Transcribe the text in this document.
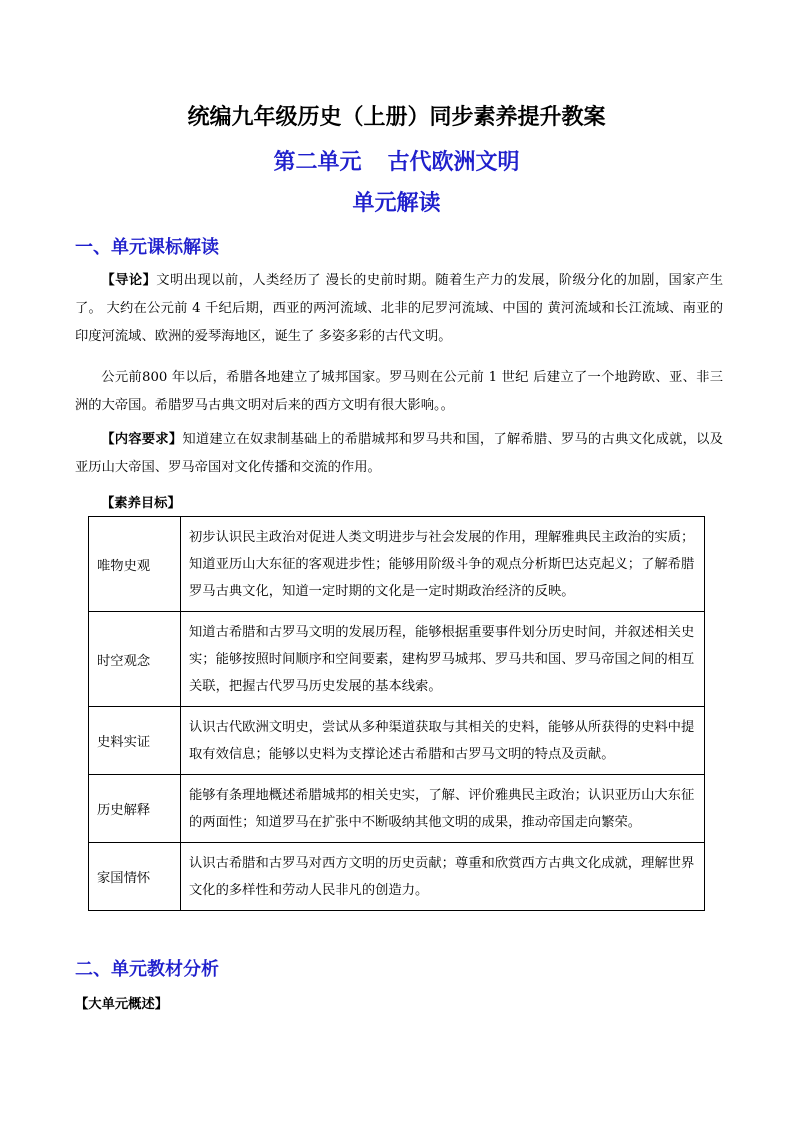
统编九年级历史（上册）同步素养提升教案
第二单元 古代欧洲文明
单元解读
一、单元课标解读
【导论】文明出现以前，人类经历了 漫长的史前时期。随着生产力的发展，阶级分化的加剧，国家产生了。 大约在公元前 4 千纪后期，西亚的两河流域、北非的尼罗河流域、中国的 黄河流域和长江流域、南亚的印度河流域、欧洲的爱琴海地区，诞生了 多姿多彩的古代文明。
公元前800 年以后，希腊各地建立了城邦国家。罗马则在公元前 1 世纪 后建立了一个地跨欧、亚、非三洲的大帝国。希腊罗马古典文明对后来的西方文明有很大影响。。
【内容要求】知道建立在奴隶制基础上的希腊城邦和罗马共和国，了解希腊、罗马的古典文化成就，以及亚历山大帝国、罗马帝国对文化传播和交流的作用。
【素养目标】
唯物史观	初步认识民主政治对促进人类文明进步与社会发展的作用，理解雅典民主政治的实质；知道亚历山大东征的客观进步性；能够用阶级斗争的观点分析斯巴达克起义；了解希腊罗马古典文化，知道一定时期的文化是一定时期政治经济的反映。
时空观念	知道古希腊和古罗马文明的发展历程，能够根据重要事件划分历史时间，并叙述相关史实；能够按照时间顺序和空间要素，建构罗马城邦、罗马共和国、罗马帝国之间的相互关联，把握古代罗马历史发展的基本线索。
史料实证	认识古代欧洲文明史，尝试从多种渠道获取与其相关的史料，能够从所获得的史料中提取有效信息；能够以史料为支撑论述古希腊和古罗马文明的特点及贡献。
历史解释	能够有条理地概述希腊城邦的相关史实，了解、评价雅典民主政治；认识亚历山大东征的两面性；知道罗马在扩张中不断吸纳其他文明的成果，推动帝国走向繁荣。
家国情怀	认识古希腊和古罗马对西方文明的历史贡献；尊重和欣赏西方古典文化成就，理解世界文化的多样性和劳动人民非凡的创造力。
二、单元教材分析
【大单元概述】
